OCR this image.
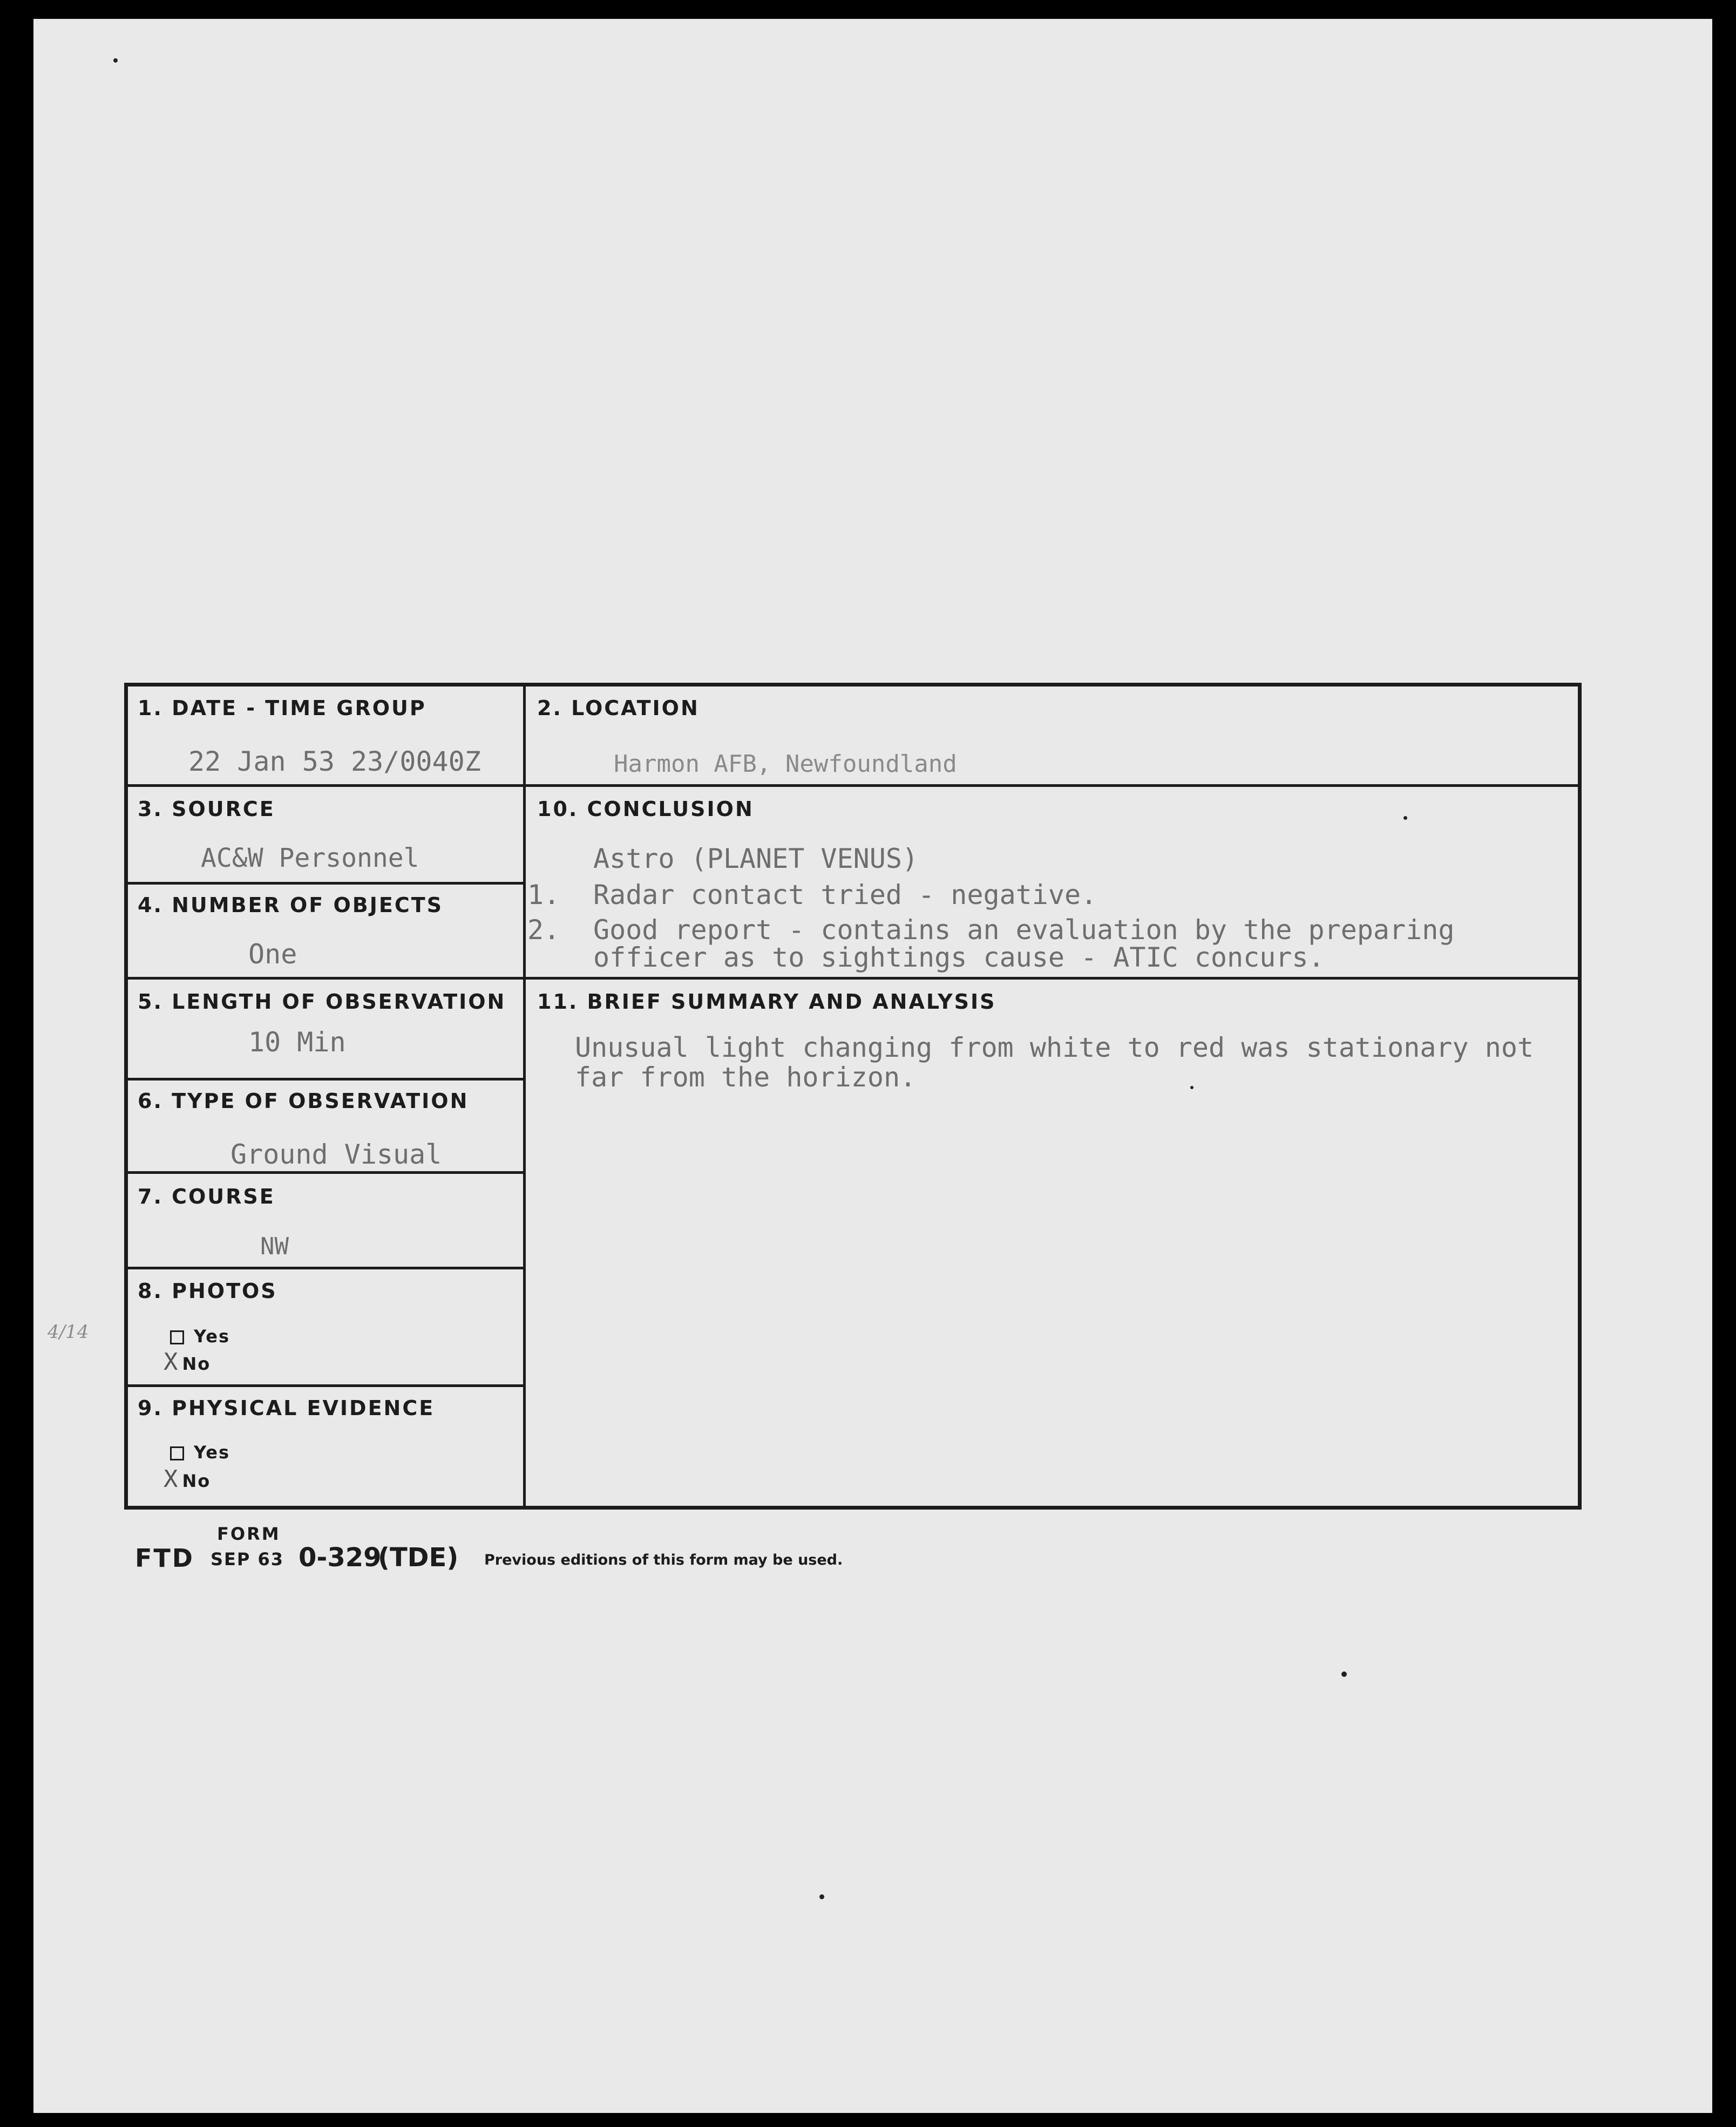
4/14
1. DATE - TIME GROUP
22 Jan 53 23/0040Z
2. LOCATION
Harmon AFB, Newfoundland
3. SOURCE
AC&W Personnel
4. NUMBER OF OBJECTS
One
5. LENGTH OF OBSERVATION
10 Min
6. TYPE OF OBSERVATION
Ground Visual
7. COURSE
NW
8. PHOTOS
Yes
X No
9. PHYSICAL EVIDENCE
Yes
X No
10. CONCLUSION
Astro (PLANET VENUS)
1. Radar contact tried - negative.
2. Good report - contains an evaluation by the preparing
officer as to sightings cause - ATIC concurs.
11. BRIEF SUMMARY AND ANALYSIS
Unusual light changing from white to red was stationary not
far from the horizon.
FORM
FTD SEP 63 0-329
(TDE) Previous editions of this form may be used.
